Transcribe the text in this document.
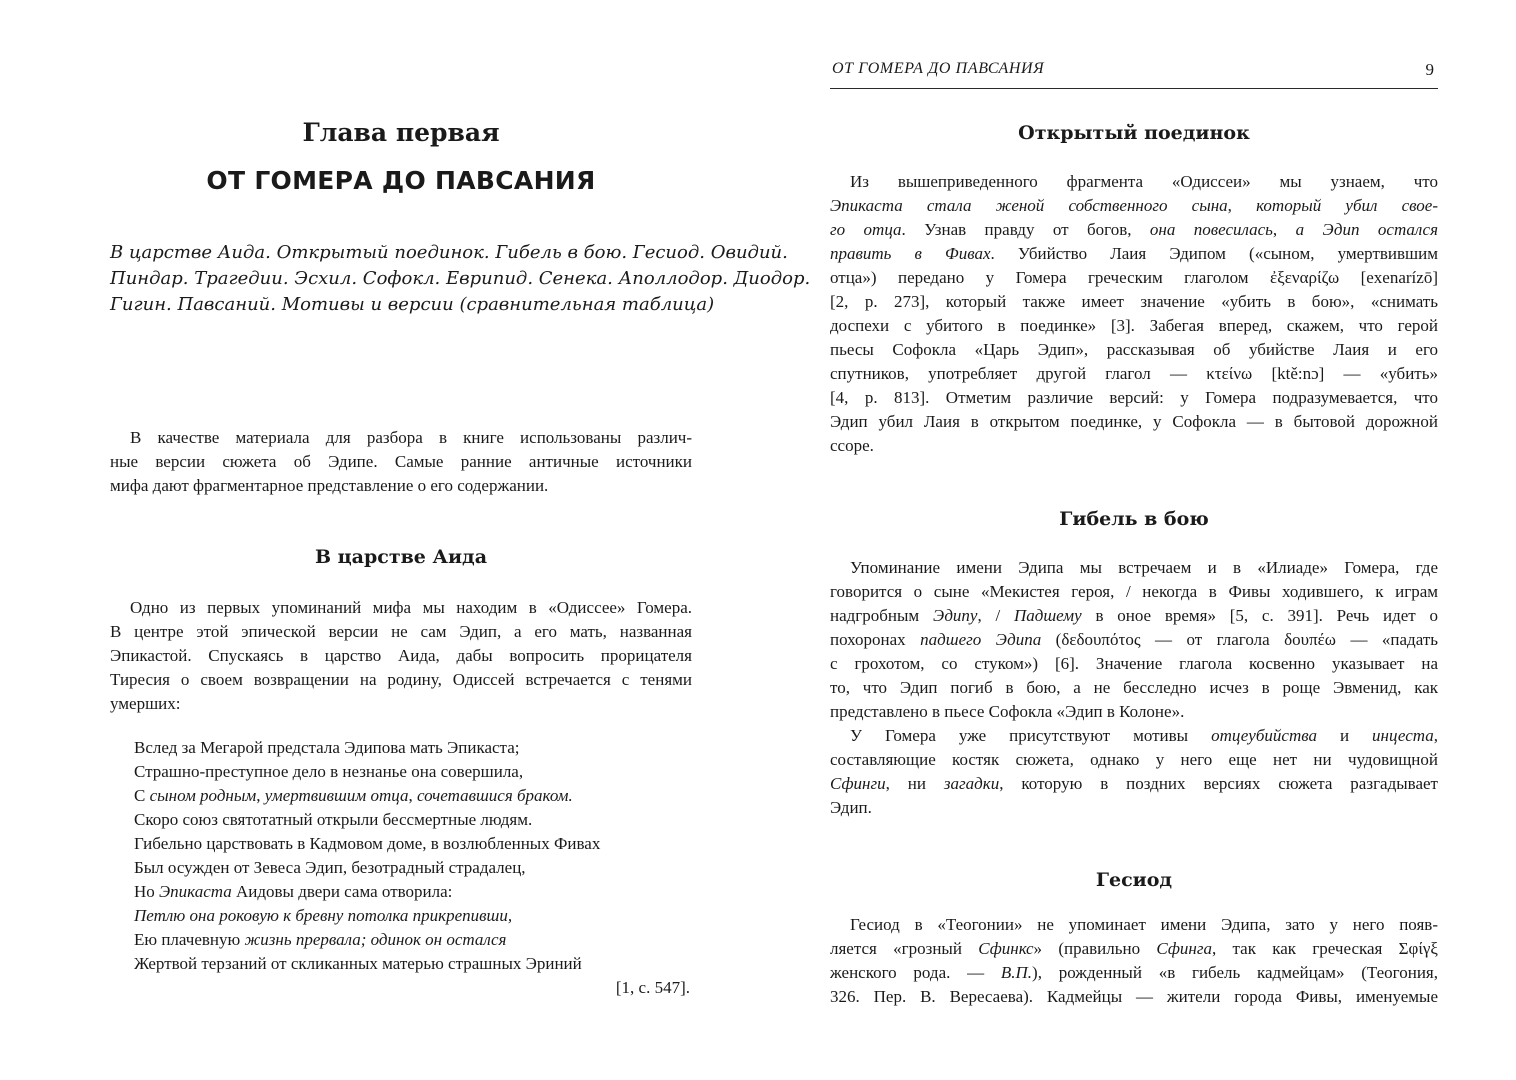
Глава первая
ОТ ГОМЕРА ДО ПАВСАНИЯ
В царстве Аида. Открытый поединок. Гибель в бою. Гесиод. Овидий.
Пиндар. Трагедии. Эсхил. Софокл. Еврипид. Сенека. Аполлодор. Диодор.
Гигин. Павсаний. Мотивы и версии (сравнительная таблица)
В качестве материала для разбора в книге использованы различ-
ные версии сюжета об Эдипе. Самые ранние античные источники
мифа дают фрагментарное представление о его содержании.
В царстве Аида
Одно из первых упоминаний мифа мы находим в «Одиссее» Гомера.
В центре этой эпической версии не сам Эдип, а его мать, названная
Эпикастой. Спускаясь в царство Аида, дабы вопросить прорицателя
Тиресия о своем возвращении на родину, Одиссей встречается с тенями
умерших:
Вслед за Мегарой предстала Эдипова мать Эпикаста;
Страшно-преступное дело в незнанье она совершила,
С сыном родным, умертвившим отца, сочетавшися браком.
Скоро союз святотатный открыли бессмертные людям.
Гибельно царствовать в Кадмовом доме, в возлюбленных Фивах
Был осужден от Зевеса Эдип, безотрадный страдалец,
Но Эпикаста Аидовы двери сама отворила:
Петлю она роковую к бревну потолка прикрепивши,
Ею плачевную жизнь прервала; одинок он остался
Жертвой терзаний от скликанных матерью страшных Эриний
[1, с. 547].
ОТ ГОМЕРА ДО ПАВСАНИЯ	9
Открытый поединок
Из вышеприведенного фрагмента «Одиссеи» мы узнаем, что
Эпикаста стала женой собственного сына, который убил свое-
го отца. Узнав правду от богов, она повесилась, а Эдип остался
править в Фивах. Убийство Лаия Эдипом («сыном, умертвившим
отца») передано у Гомера греческим глаголом ἐξεναρίζω [exenarízō]
[2, p. 273], который также имеет значение «убить в бою», «снимать
доспехи с убитого в поединке» [3]. Забегая вперед, скажем, что герой
пьесы Софокла «Царь Эдип», рассказывая об убийстве Лаия и его
спутников, употребляет другой глагол — κτείνω [ktě:nɔ] — «убить»
[4, p. 813]. Отметим различие версий: у Гомера подразумевается, что
Эдип убил Лаия в открытом поединке, у Софокла — в бытовой дорожной
ссоре.
Гибель в бою
Упоминание имени Эдипа мы встречаем и в «Илиаде» Гомера, где
говорится о сыне «Мекистея героя, / некогда в Фивы ходившего, к играм
надгробным Эдипу, / Падшему в оное время» [5, с. 391]. Речь идет о
похоронах падшего Эдипа (δεδουπότος — от глагола δουπέω — «падать
с грохотом, со стуком») [6]. Значение глагола косвенно указывает на
то, что Эдип погиб в бою, а не бесследно исчез в роще Эвменид, как
представлено в пьесе Софокла «Эдип в Колоне».
У Гомера уже присутствуют мотивы отцеубийства и инцеста,
составляющие костяк сюжета, однако у него еще нет ни чудовищной
Сфинги, ни загадки, которую в поздних версиях сюжета разгадывает
Эдип.
Гесиод
Гесиод в «Теогонии» не упоминает имени Эдипа, зато у него появ-
ляется «грозный Сфинкс» (правильно Сфинга, так как греческая Σφίγξ
женского рода. — В.П.), рожденный «в гибель кадмейцам» (Теогония,
326. Пер. В. Вересаева). Кадмейцы — жители города Фивы, именуемые
